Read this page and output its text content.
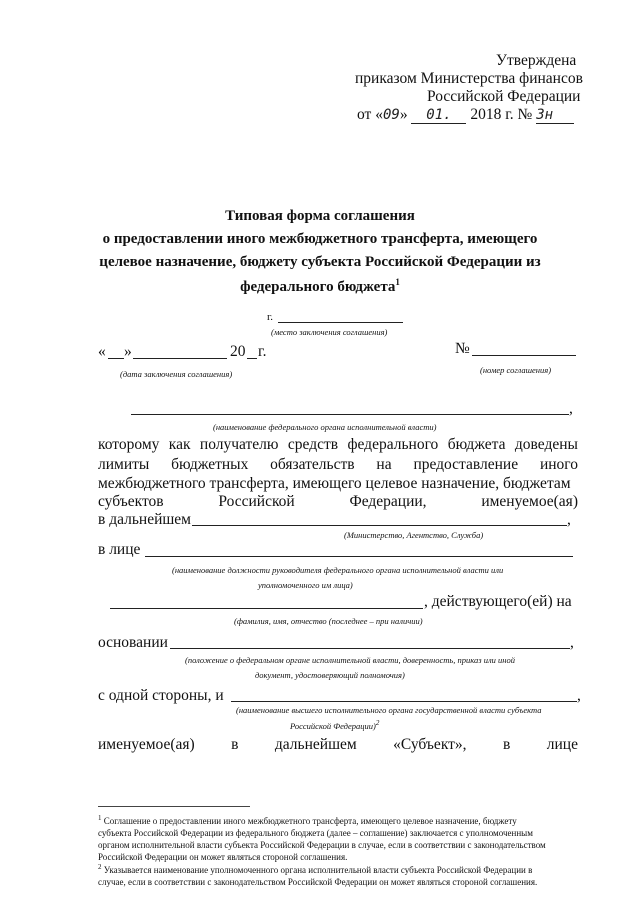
Утверждена
приказом Министерства финансов
Российской Федерации
от «09» 01. 2018 г. № 3н
Типовая форма соглашения
о предоставлении иного межбюджетного трансферта, имеющего
целевое назначение, бюджету субъекта Российской Федерации из
федерального бюджета$^1$
г.
(место заключения соглашения)
« »	20 г.
(дата заключения соглашения)
№
(номер соглашения)
,
(наименование федерального органа исполнительной власти)
которому как получателю средств федерального бюджета доведены
лимиты бюджетных обязательств на предоставление иного
межбюджетного трансферта, имеющего целевое назначение, бюджетам
субъектов	Российской	Федерации,	именуемое(ая)
в дальнейшем	,
(Министерство, Агентство, Служба)
в лице
(наименование должности руководителя федерального органа исполнительной власти или
уполномоченного им лица)
, действующего(ей) на
(фамилия, имя, отчество (последнее – при наличии)
основании	,
(положение о федеральном органе исполнительной власти, доверенность, приказ или иной
документ, удостоверяющий полномочия)
с одной стороны, и	,
(наименование высшего исполнительного органа государственной власти субъекта
Российской Федерации)$^2$
именуемое(ая) в дальнейшем «Субъект», в лице
$^1$ Соглашение о предоставлении иного межбюджетного трансферта, имеющего целевое назначение, бюджету
субъекта Российской Федерации из федерального бюджета (далее – соглашение) заключается с уполномоченным
органом исполнительной власти субъекта Российской Федерации в случае, если в соответствии с законодательством
Российской Федерации он может являться стороной соглашения.
$^2$ Указывается наименование уполномоченного органа исполнительной власти субъекта Российской Федерации в
случае, если в соответствии с законодательством Российской Федерации он может являться стороной соглашения.
